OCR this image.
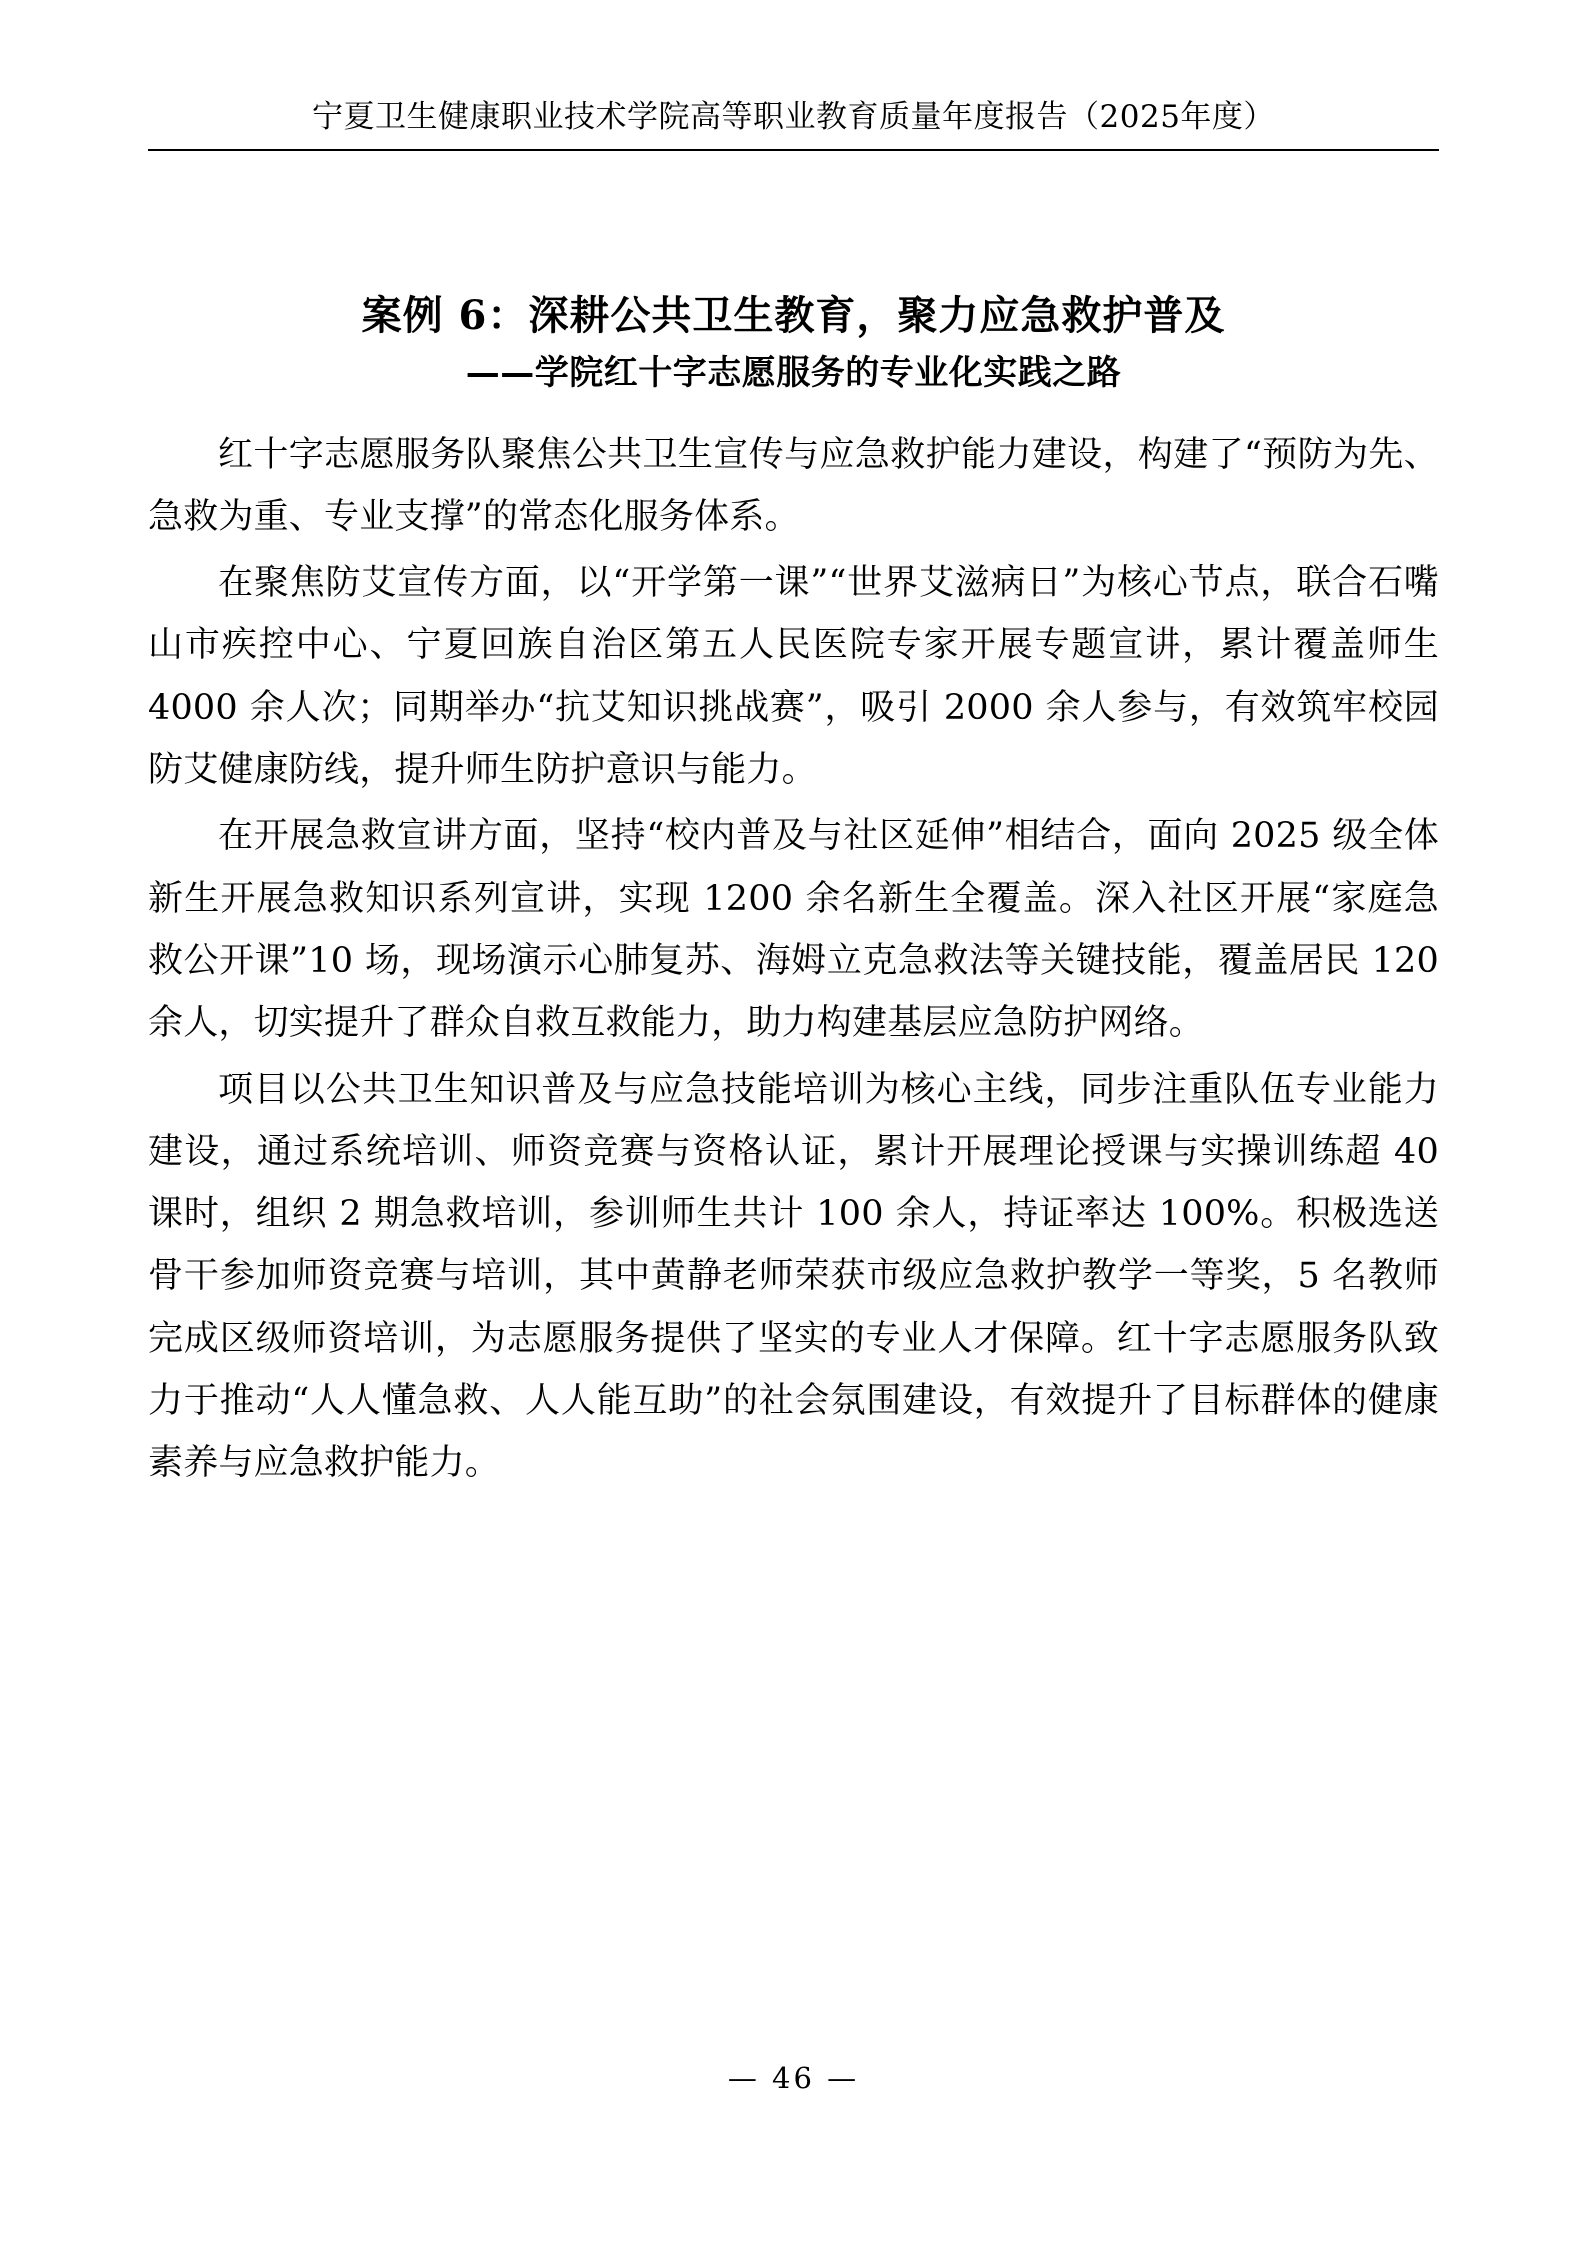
宁夏卫生健康职业技术学院高等职业教育质量年度报告（2025年度）
案例 6：深耕公共卫生教育，聚力应急救护普及
——学院红十字志愿服务的专业化实践之路

红十字志愿服务队聚焦公共卫生宣传与应急救护能力建设，构建了“预防为先、急救为重、专业支撑”的常态化服务体系。

在聚焦防艾宣传方面，以“开学第一课”“世界艾滋病日”为核心节点，联合石嘴山市疾控中心、宁夏回族自治区第五人民医院专家开展专题宣讲，累计覆盖师生 4000 余人次；同期举办“抗艾知识挑战赛”，吸引 2000 余人参与，有效筑牢校园防艾健康防线，提升师生防护意识与能力。

在开展急救宣讲方面，坚持“校内普及与社区延伸”相结合，面向 2025 级全体新生开展急救知识系列宣讲，实现 1200 余名新生全覆盖。深入社区开展“家庭急救公开课”10 场，现场演示心肺复苏、海姆立克急救法等关键技能，覆盖居民 120 余人，切实提升了群众自救互救能力，助力构建基层应急防护网络。

项目以公共卫生知识普及与应急技能培训为核心主线，同步注重队伍专业能力建设，通过系统培训、师资竞赛与资格认证，累计开展理论授课与实操训练超 40 课时，组织 2 期急救培训，参训师生共计 100 余人，持证率达 100%。积极选送骨干参加师资竞赛与培训，其中黄静老师荣获市级应急救护教学一等奖，5 名教师完成区级师资培训，为志愿服务提供了坚实的专业人才保障。红十字志愿服务队致力于推动“人人懂急救、人人能互助”的社会氛围建设，有效提升了目标群体的健康素养与应急救护能力。

— 46 —
